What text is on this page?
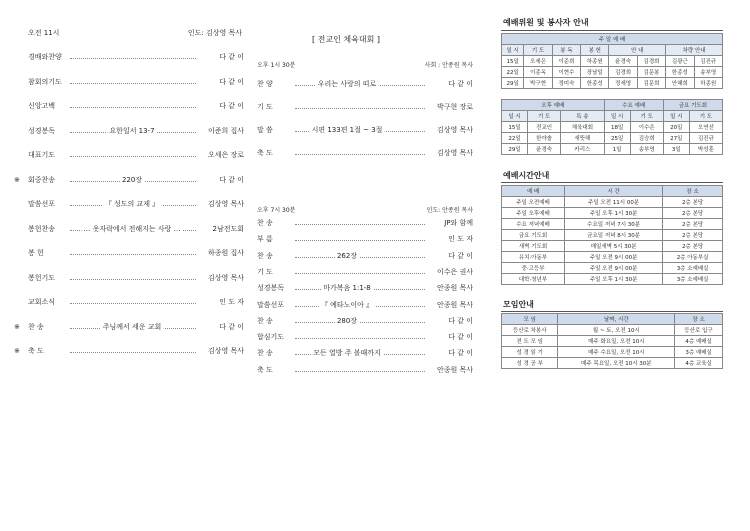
오전 11시	인도: 김상영 목사
경배와찬양	다 같 이
참회의기도	다 같 이
신앙고백	다 같 이
성경봉독	요한일서 13-7	이준희 집사
대표기도	오세은 장로
※ 회중찬송	220장	다 같 이
말씀선포	『 성도의 교제 』	김상영 목사
봉헌찬송	… 옷자락에서 전해지는 사랑 …	2남전도회
봉 헌	하종원 집사
봉헌기도	김상영 목사
교회소식	인 도 자
※ 찬 송	주님께서 세운 교회	다 같 이
※ 축 도	김상영 목사
[ 전교인 체육대회 ]
오후 1시 30분	사회 : 안종원 목사
찬 양	우리는 사랑의 띠로	다 같 이
기 도	박구현 장로
말 씀	시편 133편 1절 ~ 3절	김상영 목사
축 도	김상영 목사
오후 7시 30분	인도: 안종원 목사
찬 송	JP와 함께
부 름	인 도 자
찬 송	262장	다 같 이
기 도	이수은 권사
성경봉독	마가복음 1:1-8	안종원 목사
말씀선포	『 예타노이아 』	안종원 목사
찬 송	280장	다 같 이
합심기도	다 같 이
찬 송	모든 열방 주 볼때까지	다 같 이
축 도	안종원 목사
예배위원 및 봉사자 안내
주 일 예 배							
일 시	기 도	봉 독	봉 헌	안 내		차량 안내	
15일	오세은	이준희	하종원	윤경숙	김경희	김광근	김진규
22일	이종옥	이현수	장남일	김경희	김문봉	한종성	송부영
29일	박구현	정미숙	한종성	정세영	김문희	안혜희	하종원
오후 예배			수요 예배		금요 기도회	
일 시	기 도	특 송	일 시	기 도	일 시	기 도
15일	전교인	체육대회	18일	이수은	20일	오연선
22일	한야솔	새뜻해	25일	김승희	27일	김진규
29일	윤경숙	카리스	1일	송부영	3일	박성훈
예배시간안내
예 배	시 간	장 소
주일 오전예배	주일 오전 11시 00분	2층 본당
주일 오후예배	주일 오후 1시 30분	2층 본당
수요 저녁예배	수요일 저녁 7시 30분	2층 본당
금요 기도회	금요일 저녁 8시 30분	2층 본당
새벽 기도회	매일새벽 5시 30분	2층 본당
유치·아동부	주일 오전 9시 00분	2층 아동부실
중·고등부	주일 오전 9시 00분	3층 소예배실
대학·청년부	주일 오후 1시 30분	3층 소예배실
모임안내
모 임	날짜, 시간	장 소
등산로 차봉사	월 ~ 토, 오전 10시	등산로 입구
전 도 모 임	매주 화요일, 오전 10시	4층 예배실
성 경 읽 기	매주 수요일, 오전 10시	3층 예배실
성 경 공 부	매주 목요일, 오전 10시 30분	4층 교육실
